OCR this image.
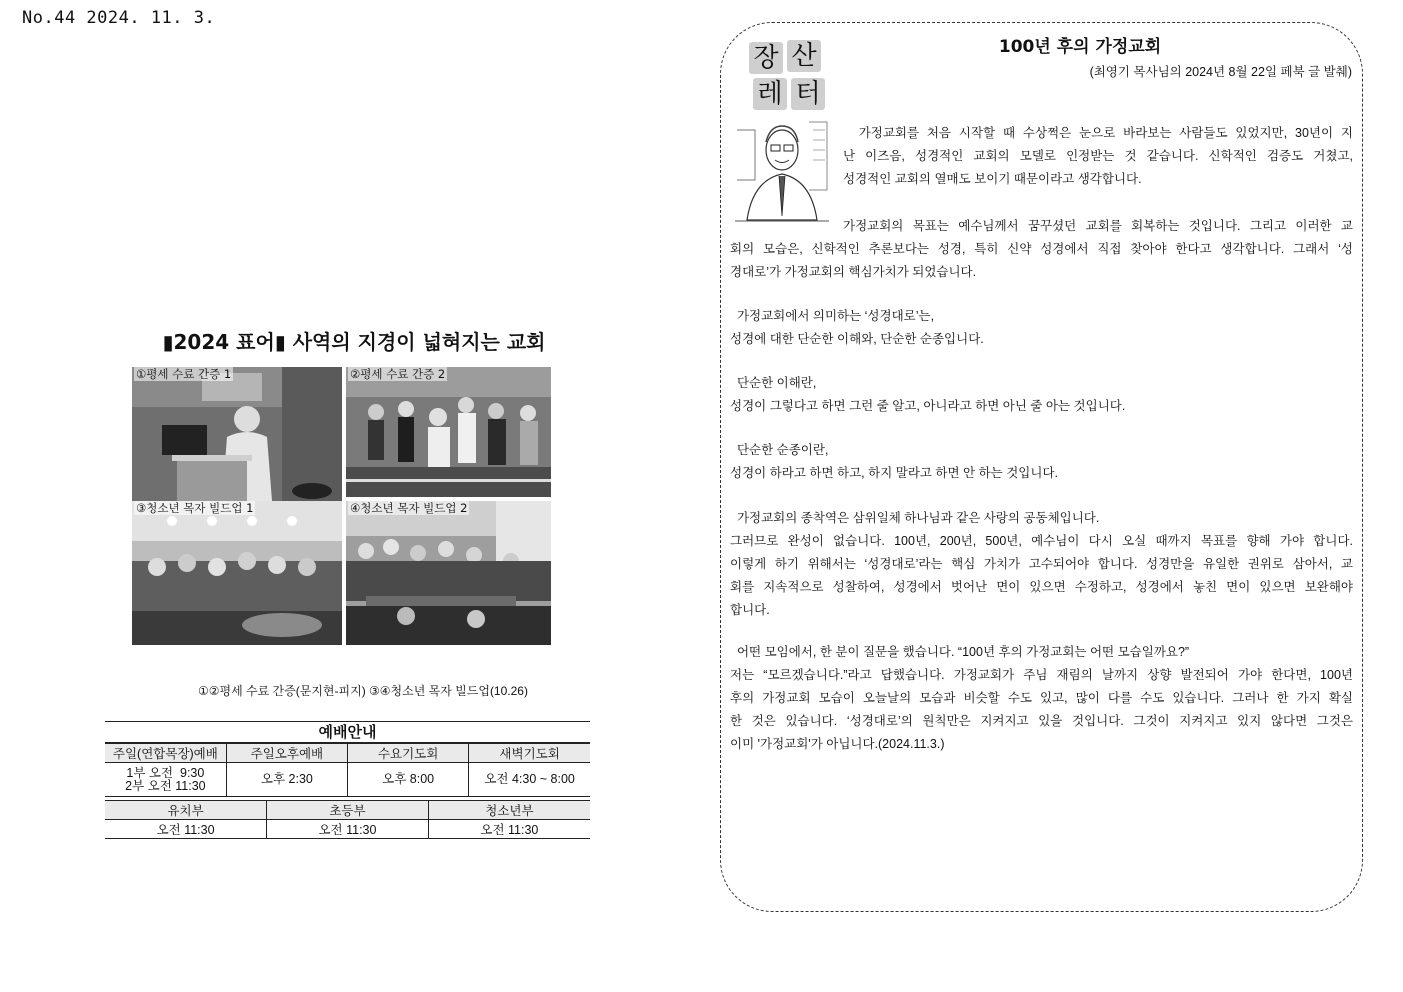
No.44 2024. 11. 3.
▮2024 표어▮ 사역의 지경이 넓혀지는 교회
①평세 수료 간증 1	②평세 수료 간증 2
③청소년 목자 빌드업 1	④청소년 목자 빌드업 2
①②평세 수료 간증(문지현-피지) ③④청소년 목자 빌드업(10.26)
예배안내
주일(연합목장)예배	주일오후예배	수요기도회	새벽기도회

1부 오전  9:30
2부 오전 11:30	오후 2:30	오후 8:00	오전 4:30 ~ 8:00
유치부	초등부	청소년부
오전 11:30	오전 11:30	오전 11:30
장 산
레 터
100년 후의 가정교회
(최영기 목사님의 2024년 8월 22일 페북 글 발췌)
가정교회를 처음 시작할 때 수상쩍은 눈으로 바라보는 사람들도 있었지만, 30년이 지
난 이즈음, 성경적인 교회의 모델로 인정받는 것 같습니다. 신학적인 검증도 거쳤고,
성경적인 교회의 열매도 보이기 때문이라고 생각합니다.
가정교회의 목표는 예수님께서 꿈꾸셨던 교회를 회복하는 것입니다. 그리고 이러한 교
회의 모습은, 신학적인 추론보다는 성경, 특히 신약 성경에서 직접 찾아야 한다고 생각합니다. 그래서 ‘성
경대로’가 가정교회의 핵심가치가 되었습니다.
가정교회에서 의미하는 ‘성경대로’는,
성경에 대한 단순한 이해와, 단순한 순종입니다.
단순한 이해란,
성경이 그렇다고 하면 그런 줄 알고, 아니라고 하면 아닌 줄 아는 것입니다.
단순한 순종이란,
성경이 하라고 하면 하고, 하지 말라고 하면 안 하는 것입니다.
가정교회의 종착역은 삼위일체 하나님과 같은 사랑의 공동체입니다.
그러므로 완성이 없습니다. 100년, 200년, 500년, 예수님이 다시 오실 때까지 목표를 향해 가야 합니다.
이렇게 하기 위해서는 ‘성경대로’라는 핵심 가치가 고수되어야 합니다. 성경만을 유일한 권위로 삼아서, 교
회를 지속적으로 성찰하여, 성경에서 벗어난 면이 있으면 수정하고, 성경에서 놓친 면이 있으면 보완해야
합니다.
어떤 모임에서, 한 분이 질문을 했습니다. “100년 후의 가정교회는 어떤 모습일까요?”
저는 “모르겠습니다.”라고 답했습니다. 가정교회가 주님 재림의 날까지 상향 발전되어 가야 한다면, 100년
후의 가정교회 모습이 오늘날의 모습과 비슷할 수도 있고, 많이 다를 수도 있습니다. 그러나 한 가지 확실
한 것은 있습니다. ‘성경대로’의 원칙만은 지켜지고 있을 것입니다. 그것이 지켜지고 있지 않다면 그것은
이미 '가정교회'가 아닙니다.(2024.11.3.)
